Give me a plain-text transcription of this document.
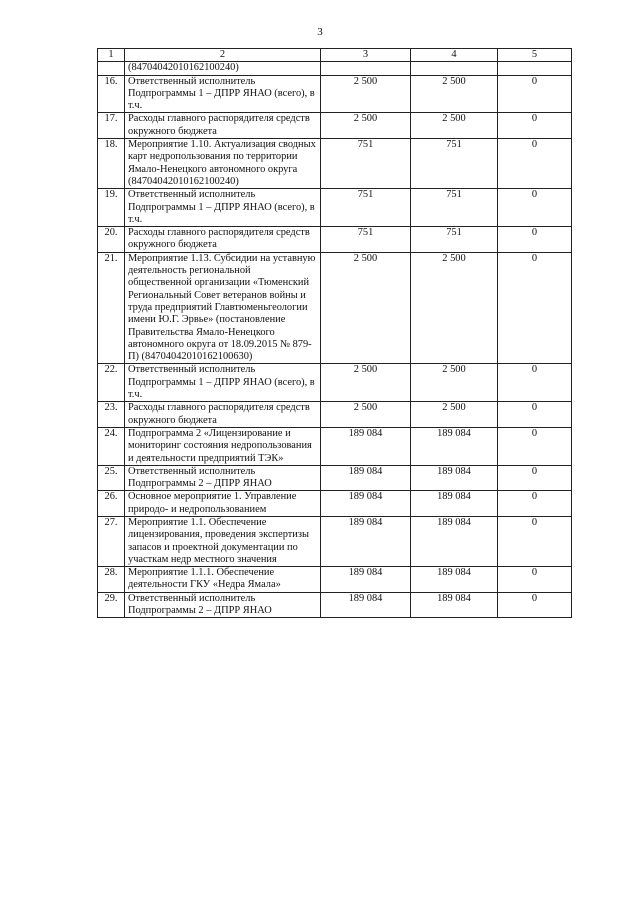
3
1	2	3	4	5
	(84704042010162100240)			
16.	Ответственный исполнитель Подпрограммы 1 – ДПРР ЯНАО (всего), в т.ч.	2 500	2 500	0
17.	Расходы главного распорядителя средств окружного бюджета	2 500	2 500	0
18.	Мероприятие 1.10. Актуализация сводных карт недропользования по территории Ямало-Ненецкого автономного округа (84704042010162100240)	751	751	0
19.	Ответственный исполнитель Подпрограммы 1 – ДПРР ЯНАО (всего), в т.ч.	751	751	0
20.	Расходы главного распорядителя средств окружного бюджета	751	751	0
21.	Мероприятие 1.13. Субсидии на уставную деятельность региональной общественной организации «Тюменский Региональный Совет ветеранов войны и труда предприятий Главтюменьгеологии имени Ю.Г. Эрвье» (постановление Правительства Ямало-Ненецкого автономного округа от 18.09.2015 № 879-П) (84704042010162100630)	2 500	2 500	0
22.	Ответственный исполнитель Подпрограммы 1 – ДПРР ЯНАО (всего), в т.ч.	2 500	2 500	0
23.	Расходы главного распорядителя средств окружного бюджета	2 500	2 500	0
24.	Подпрограмма 2 «Лицензирование и мониторинг состояния недропользования и деятельности предприятий ТЭК»	189 084	189 084	0
25.	Ответственный исполнитель Подпрограммы 2 – ДПРР ЯНАО	189 084	189 084	0
26.	Основное мероприятие 1. Управление природо- и недропользованием	189 084	189 084	0
27.	Мероприятие 1.1. Обеспечение лицензирования, проведения экспертизы запасов и проектной документации по участкам недр местного значения	189 084	189 084	0
28.	Мероприятие 1.1.1. Обеспечение деятельности ГКУ «Недра Ямала»	189 084	189 084	0
29.	Ответственный исполнитель Подпрограммы 2 – ДПРР ЯНАО	189 084	189 084	0
